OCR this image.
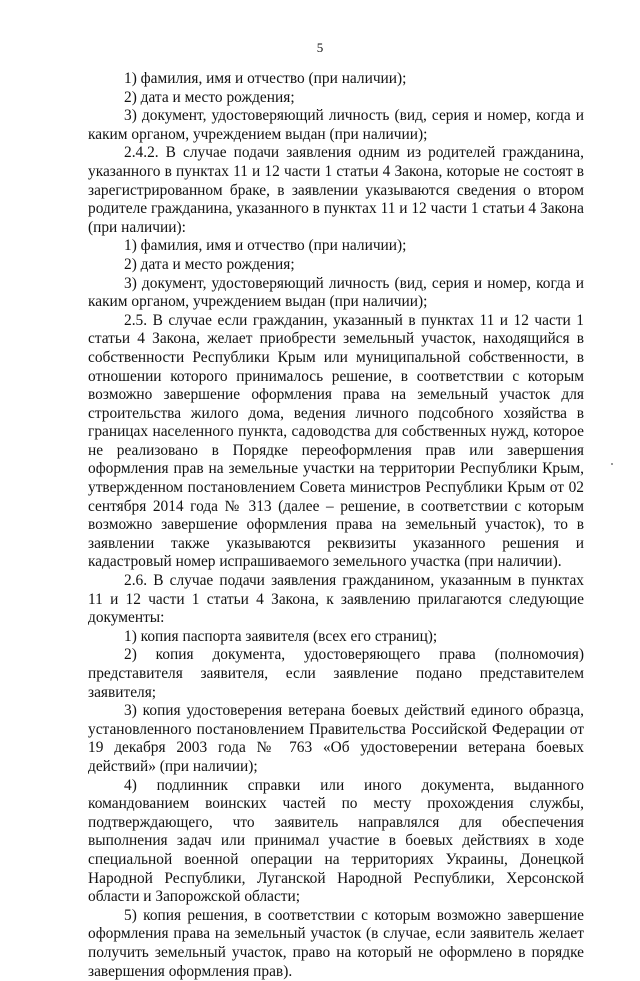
5

1) фамилия, имя и отчество (при наличии);

2) дата и место рождения;

3) документ, удостоверяющий личность (вид, серия и номер, когда и каким органом, учреждением выдан (при наличии);

2.4.2. В случае подачи заявления одним из родителей гражданина, указанного в пунктах 11 и 12 части 1 статьи 4 Закона, которые не состоят в зарегистрированном браке, в заявлении указываются сведения о втором родителе гражданина, указанного в пунктах 11 и 12 части 1 статьи 4 Закона (при наличии):

1) фамилия, имя и отчество (при наличии);

2) дата и место рождения;

3) документ, удостоверяющий личность (вид, серия и номер, когда и каким органом, учреждением выдан (при наличии);

2.5. В случае если гражданин, указанный в пунктах 11 и 12 части 1 статьи 4 Закона, желает приобрести земельный участок, находящийся в собственности Республики Крым или муниципальной собственности, в отношении которого принималось решение, в соответствии с которым возможно завершение оформления права на земельный участок для строительства жилого дома, ведения личного подсобного хозяйства в границах населенного пункта, садоводства для собственных нужд, которое не реализовано в Порядке переоформления прав или завершения оформления прав на земельные участки на территории Республики Крым, утвержденном постановлением Совета министров Республики Крым от 02 сентября 2014 года № 313 (далее – решение, в соответствии с которым возможно завершение оформления права на земельный участок), то в заявлении также указываются реквизиты указанного решения и кадастровый номер испрашиваемого земельного участка (при наличии).

2.6. В случае подачи заявления гражданином, указанным в пунктах 11 и 12 части 1 статьи 4 Закона, к заявлению прилагаются следующие документы:

1) копия паспорта заявителя (всех его страниц);

2) копия документа, удостоверяющего права (полномочия) представителя заявителя, если заявление подано представителем заявителя;

3) копия удостоверения ветерана боевых действий единого образца, установленного постановлением Правительства Российской Федерации от 19 декабря 2003 года № 763 «Об удостоверении ветерана боевых действий» (при наличии);

4) подлинник справки или иного документа, выданного командованием воинских частей по месту прохождения службы, подтверждающего, что заявитель направлялся для обеспечения выполнения задач или принимал участие в боевых действиях в ходе специальной военной операции на территориях Украины, Донецкой Народной Республики, Луганской Народной Республики, Херсонской области и Запорожской области;

5) копия решения, в соответствии с которым возможно завершение оформления права на земельный участок (в случае, если заявитель желает получить земельный участок, право на который не оформлено в порядке завершения оформления прав).
